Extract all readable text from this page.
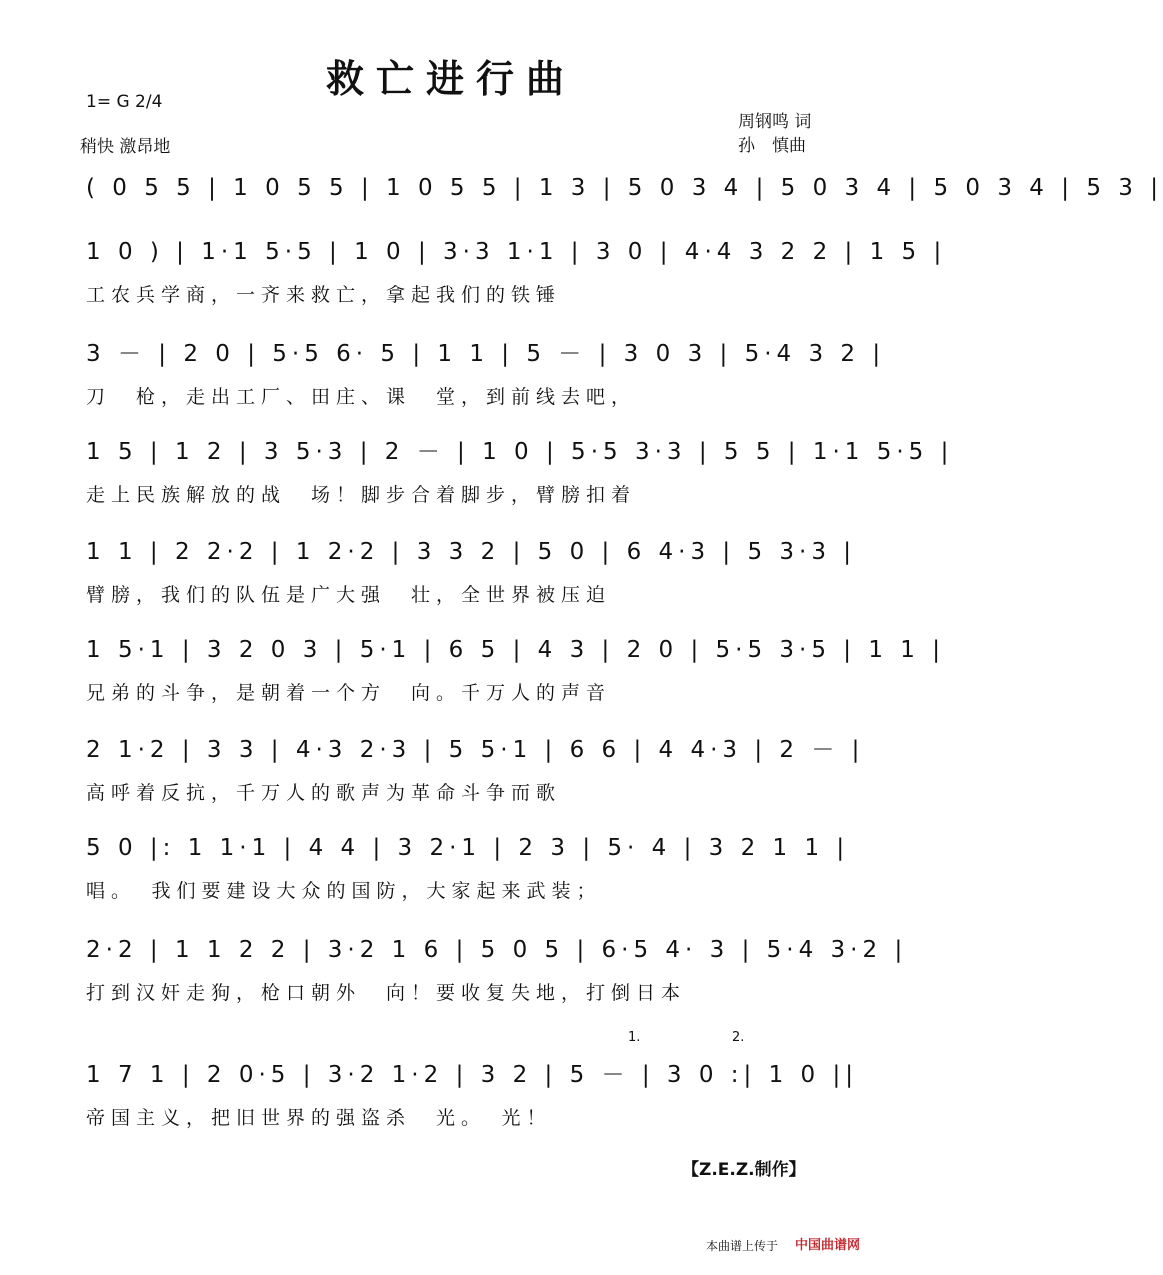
救亡进行曲
1= G 2/4
稍快 激昂地
周钢鸣 词
孙　慎曲
( 0 5 5 | 1 0 5 5 | 1 0 5 5 | 1 3 | 5 0 3 4 | 5 0 3 4 | 5 0 3 4 | 5 3 |
1 0 ) | 1·1 5·5 | 1 0 | 3·3 1·1 | 3 0 | 4·4 3 2 2 | 1 5 |
工农兵学商，一齐来救亡，拿起我们的铁锤
3 － | 2 0 | 5·5 6· 5 | 1 1 | 5 － | 3 0 3 | 5·4 3 2 |
刀　枪，走出工厂、田庄、课　堂，到前线去吧，
1 5 | 1 2 | 3 5·3 | 2 － | 1 0 | 5·5 3·3 | 5 5 | 1·1 5·5 |
走上民族解放的战　场！脚步合着脚步，臂膀扣着
1 1 | 2 2·2 | 1 2·2 | 3 3 2 | 5 0 | 6 4·3 | 5 3·3 |
臂膀，我们的队伍是广大强　壮，全世界被压迫
1 5·1 | 3 2 0 3 | 5·1 | 6 5 | 4 3 | 2 0 | 5·5 3·5 | 1 1 |
兄弟的斗争，是朝着一个方　向。千万人的声音
2 1·2 | 3 3 | 4·3 2·3 | 5 5·1 | 6 6 | 4 4·3 | 2 － |
高呼着反抗，千万人的歌声为革命斗争而歌
5 0 |: 1 1·1 | 4 4 | 3 2·1 | 2 3 | 5· 4 | 3 2 1 1 |
唱。　我们要建设大众的国防，大家起来武装；
2·2 | 1 1 2 2 | 3·2 1 6 | 5 0 5 | 6·5 4· 3 | 5·4 3·2 |
打到汉奸走狗，枪口朝外　向！要收复失地，打倒日本
1 7 1 | 2 0·5 | 3·2 1·2 | 3 2 | 5 － | 3 0 :| 1 0 ||
帝国主义，把旧世界的强盗杀　光。　光！
1.	2.
【Z.E.Z.制作】
本曲谱上传于 中国曲谱网
